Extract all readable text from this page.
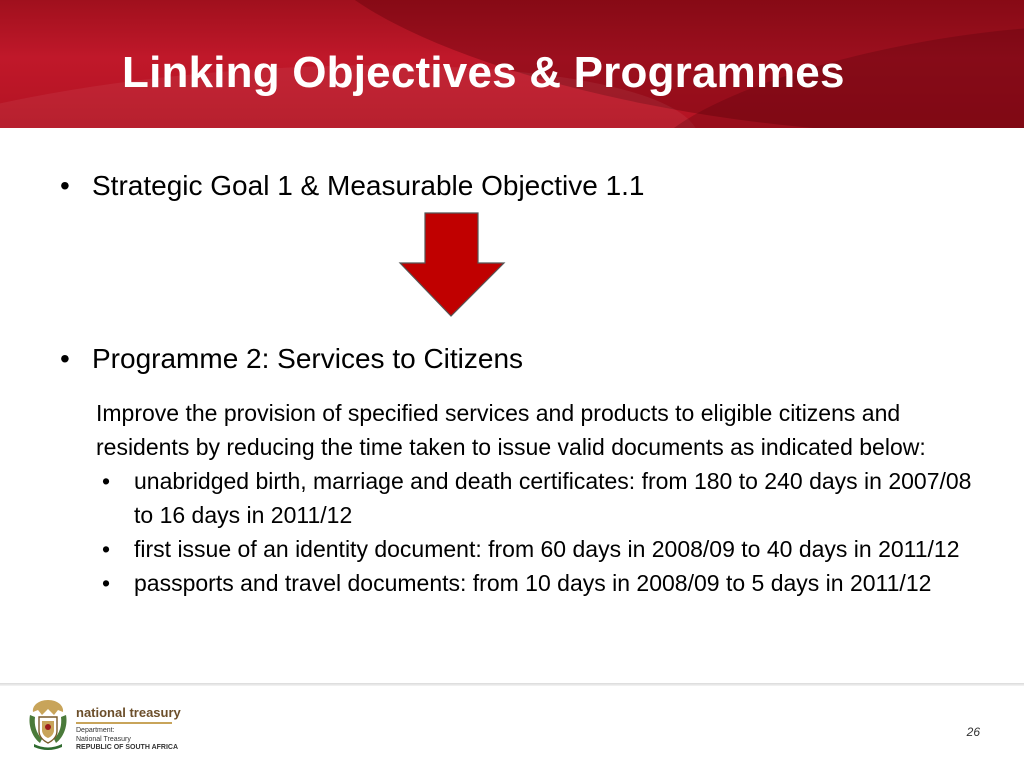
Linking Objectives & Programmes
• Strategic Goal 1 & Measurable Objective 1.1
• Programme 2: Services to Citizens
Improve the provision of specified services and products to eligible citizens and residents by reducing the time taken to issue valid documents as indicated below:
• unabridged birth, marriage and death certificates: from 180 to 240 days in 2007/08 to 16 days in 2011/12
• first issue of an identity document: from 60 days in 2008/09 to 40 days in 2011/12
• passports and travel documents: from 10 days in 2008/09 to 5 days in 2011/12
national treasury
Department:
National Treasury
REPUBLIC OF SOUTH AFRICA
26
